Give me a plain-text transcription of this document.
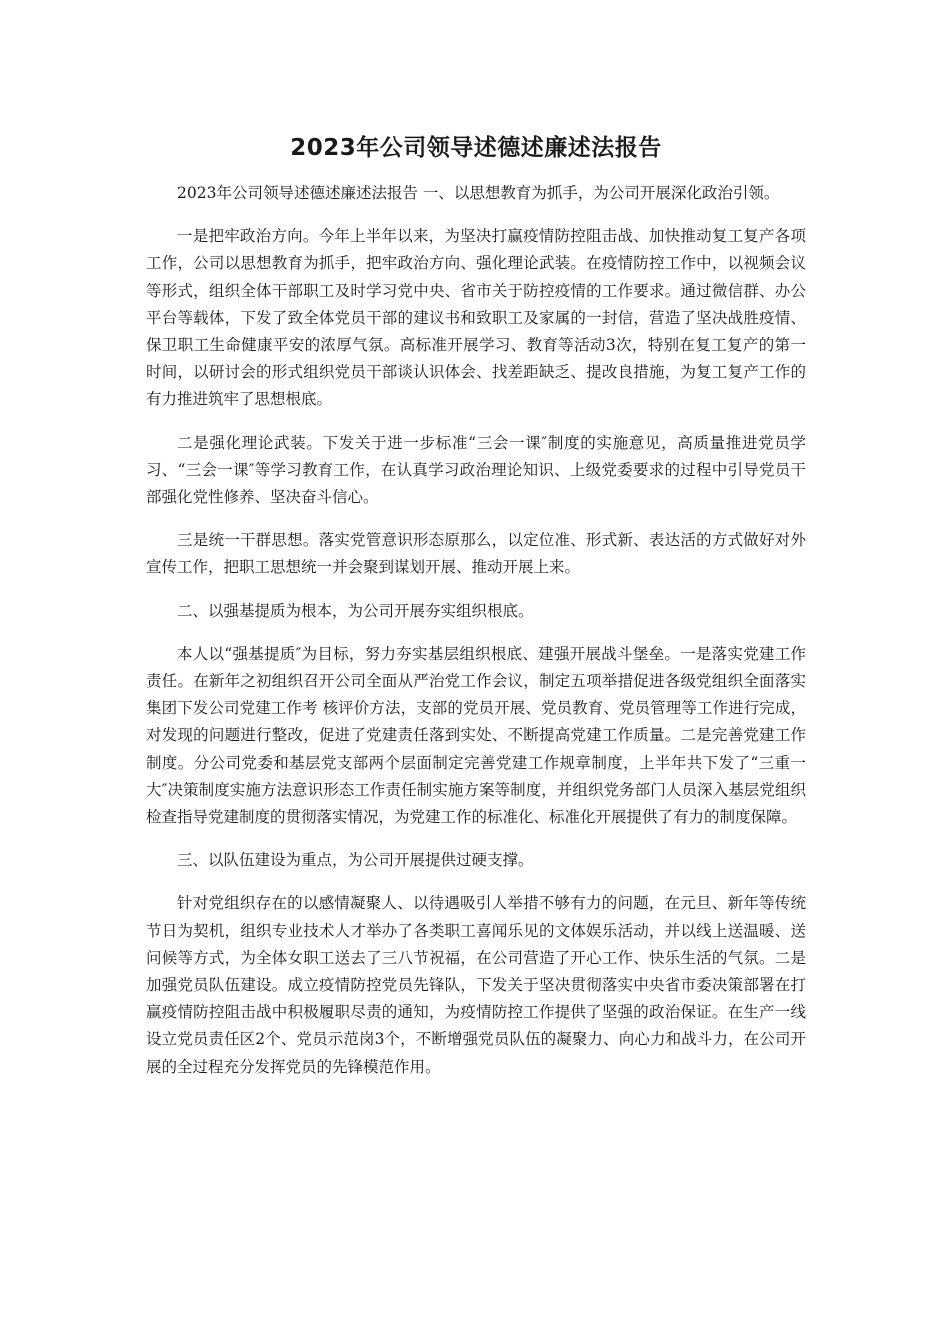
2023年公司领导述德述廉述法报告

2023年公司领导述德述廉述法报告 一、以思想教育为抓手，为公司开展深化政治引领。

一是把牢政治方向。今年上半年以来，为坚决打赢疫情防控阻击战、加快推动复工复产各项工作，公司以思想教育为抓手，把牢政治方向、强化理论武装。在疫情防控工作中，以视频会议等形式，组织全体干部职工及时学习党中央、省市关于防控疫情的工作要求。通过微信群、办公平台等载体，下发了致全体党员干部的建议书和致职工及家属的一封信，营造了坚决战胜疫情、保卫职工生命健康平安的浓厚气氛。高标准开展学习、教育等活动3次，特别在复工复产的第一时间，以研讨会的形式组织党员干部谈认识体会、找差距缺乏、提改良措施，为复工复产工作的有力推进筑牢了思想根底。

二是强化理论武装。下发关于进一步标准“三会一课″制度的实施意见，高质量推进党员学习、“三会一课″等学习教育工作，在认真学习政治理论知识、上级党委要求的过程中引导党员干部强化党性修养、坚决奋斗信心。

三是统一干群思想。落实党管意识形态原那么，以定位准、形式新、表达活的方式做好对外宣传工作，把职工思想统一并会聚到谋划开展、推动开展上来。

二、以强基提质为根本，为公司开展夯实组织根底。

本人以“强基提质″为目标，努力夯实基层组织根底、建强开展战斗堡垒。一是落实党建工作责任。在新年之初组织召开公司全面从严治党工作会议，制定五项举措促进各级党组织全面落实集团下发公司党建工作考 核评价方法，支部的党员开展、党员教育、党员管理等工作进行完成，对发现的问题进行整改，促进了党建责任落到实处、不断提高党建工作质量。二是完善党建工作制度。分公司党委和基层党支部两个层面制定完善党建工作规章制度，上半年共下发了“三重一大″决策制度实施方法意识形态工作责任制实施方案等制度，并组织党务部门人员深入基层党组织检查指导党建制度的贯彻落实情况，为党建工作的标准化、标准化开展提供了有力的制度保障。

三、以队伍建设为重点，为公司开展提供过硬支撑。

针对党组织存在的以感情凝聚人、以待遇吸引人举措不够有力的问题，在元旦、新年等传统节日为契机，组织专业技术人才举办了各类职工喜闻乐见的文体娱乐活动，并以线上送温暖、送问候等方式，为全体女职工送去了三八节祝福，在公司营造了开心工作、快乐生活的气氛。二是加强党员队伍建设。成立疫情防控党员先锋队，下发关于坚决贯彻落实中央省市委决策部署在打赢疫情防控阻击战中积极履职尽责的通知，为疫情防控工作提供了坚强的政治保证。在生产一线设立党员责任区2个、党员示范岗3个，不断增强党员队伍的凝聚力、向心力和战斗力，在公司开展的全过程充分发挥党员的先锋模范作用。
